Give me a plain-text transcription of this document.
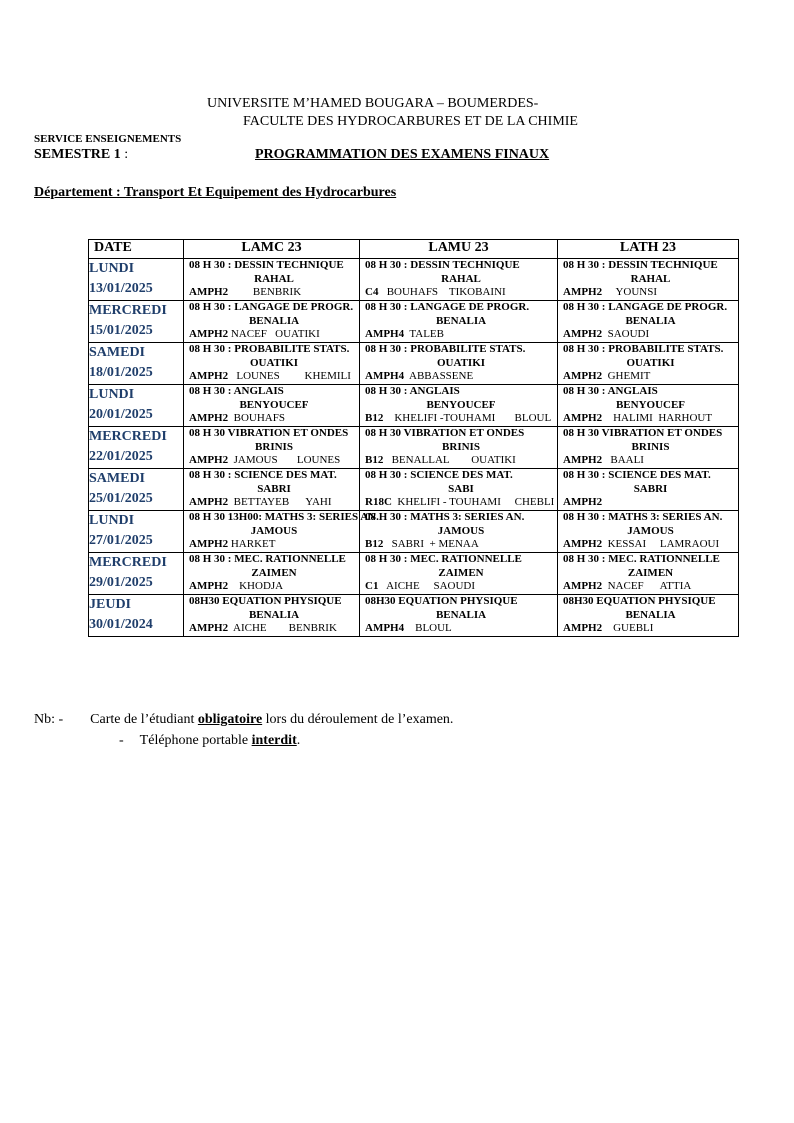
UNIVERSITE M’HAMED BOUGARA – BOUMERDES-
FACULTE DES HYDROCARBURES ET DE LA CHIMIE
SERVICE ENSEIGNEMENTS
SEMESTRE 1 :	PROGRAMMATION DES EXAMENS FINAUX
Département : Transport Et Equipement des Hydrocarbures
DATE	LAMC 23	LAMU 23	LATH 23

LUNDI
13/01/2025	08 H 30 : DESSIN TECHNIQUE
RAHAL
AMPH2         BENBRIK	08 H 30 : DESSIN TECHNIQUE
RAHAL
C4   BOUHAFS    TIKOBAINI	08 H 30 : DESSIN TECHNIQUE
RAHAL
AMPH2     YOUNSI

MERCREDI
15/01/2025	08 H 30 : LANGAGE DE PROGR.
BENALIA
AMPH2 NACEF   OUATIKI	08 H 30 : LANGAGE DE PROGR.
BENALIA
AMPH4  TALEB	08 H 30 : LANGAGE DE PROGR.
BENALIA
AMPH2  SAOUDI

SAMEDI
18/01/2025	08 H 30 : PROBABILITE STATS.
OUATIKI
AMPH2   LOUNES         KHEMILI	08 H 30 : PROBABILITE STATS.
OUATIKI
AMPH4  ABBASSENE	08 H 30 : PROBABILITE STATS.
OUATIKI
AMPH2  GHEMIT

LUNDI
20/01/2025	08 H 30 : ANGLAIS
BENYOUCEF
AMPH2  BOUHAFS	08 H 30 : ANGLAIS
BENYOUCEF
B12    KHELIFI -TOUHAMI       BLOUL	08 H 30 : ANGLAIS
BENYOUCEF
AMPH2    HALIMI  HARHOUT

MERCREDI
22/01/2025	08 H 30 VIBRATION ET ONDES
BRINIS
AMPH2  JAMOUS       LOUNES	08 H 30 VIBRATION ET ONDES
BRINIS
B12   BENALLAL        OUATIKI	08 H 30 VIBRATION ET ONDES
BRINIS
AMPH2   BAALI

SAMEDI
25/01/2025	08 H 30 : SCIENCE DES MAT.
SABRI
AMPH2  BETTAYEB      YAHI	08 H 30 : SCIENCE DES MAT.
SABI
R18C  KHELIFI - TOUHAMI     CHEBLI	08 H 30 : SCIENCE DES MAT.
SABRI
AMPH2

LUNDI
27/01/2025	08 H 30 13H00: MATHS 3: SERIES AN.
JAMOUS
AMPH2 HARKET	08 H 30 : MATHS 3: SERIES AN.
JAMOUS
B12   SABRI  + MENAA	08 H 30 : MATHS 3: SERIES AN.
JAMOUS
AMPH2  KESSAI     LAMRAOUI

MERCREDI
29/01/2025	08 H 30 : MEC. RATIONNELLE
ZAIMEN
AMPH2    KHODJA	08 H 30 : MEC. RATIONNELLE
ZAIMEN
C1   AICHE     SAOUDI	08 H 30 : MEC. RATIONNELLE
ZAIMEN
AMPH2  NACEF      ATTIA

JEUDI
30/01/2024	08H30 EQUATION PHYSIQUE
BENALIA
AMPH2  AICHE        BENBRIK	08H30 EQUATION PHYSIQUE
BENALIA
AMPH4    BLOUL	08H30 EQUATION PHYSIQUE
BENALIA
AMPH2    GUEBLI
Nb: - Carte de l’étudiant obligatoire lors du déroulement de l’examen.
- Téléphone portable interdit.
